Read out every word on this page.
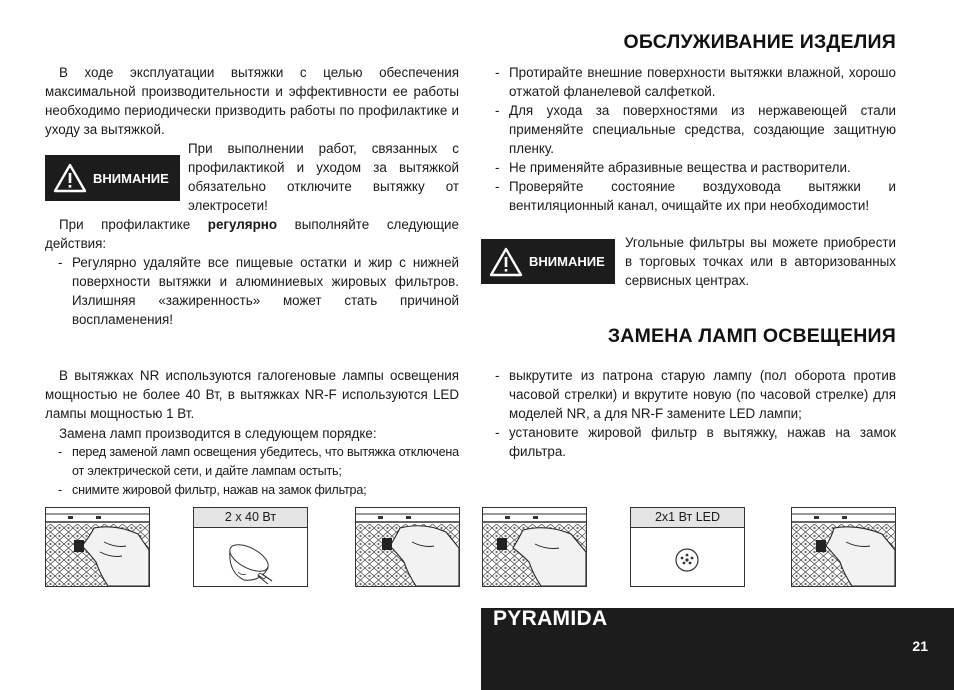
ОБСЛУЖИВАНИЕ ИЗДЕЛИЯ

В ходе эксплуатации вытяжки с целью обеспечения максимальной производительности и эффективности ее работы необходимо периодически призводить работы по профилактике и уходу за вытяжкой.

ВНИМАНИЕ

При выполнении работ, связанных с профилактикой и уходом за вытяжкой обязательно отключите вытяжку от электросети!

При профилактике регулярно выполняйте следующие действия:

- Регулярно удаляйте все пищевые остатки и жир с нижней поверхности вытяжки и алюминиевых жировых фильтров. Излишняя «зажиренность» может стать причиной воспламенения!
- Протирайте внешние поверхности вытяжки влажной, хорошо отжатой фланелевой салфеткой.
- Для ухода за поверхностями из нержавеющей стали применяйте специальные средства, создающие защитную пленку.
- Не применяйте абразивные вещества и растворители.
- Проверяйте состояние воздуховода вытяжки и вентиляционный канал, очищайте их при необходимости!
ВНИМАНИЕ

Угольные фильтры вы можете приобрести в торговых точках или в авторизованных сервисных центрах.

ЗАМЕНА ЛАМП ОСВЕЩЕНИЯ

В вытяжках NR используются галогеновые лампы освещения мощностью не более 40 Вт, в вытяжках NR-F используются LED лампы мощностью 1 Вт.

Замена ламп производится в следующем порядке:

- перед заменой ламп освещения убедитесь, что вытяжка отключена от электрической сети, и дайте лампам остыть;
- снимите жировой фильтр, нажав на замок фильтра;
- выкрутите из патрона старую лампу (пол оборота против часовой стрелки) и вкрутите новую (по часовой стрелке) для моделей NR, а для NR-F замените LED лампи;
- установите жировой фильтр в вытяжку, нажав на замок фильтра.
2 x 40 Вт	2x1 Вт LED
PYRAMIDA
21
